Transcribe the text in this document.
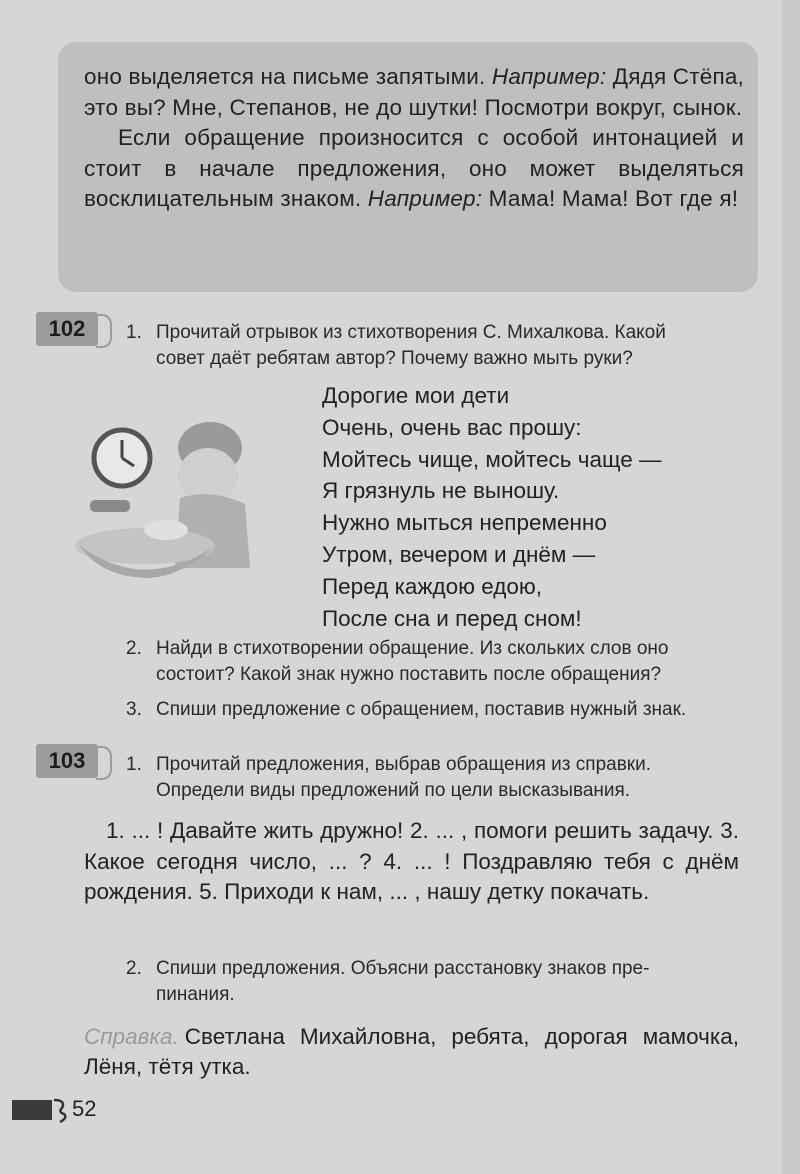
оно выделяется на письме запятыми. Например: Дядя Стёпа, это вы? Мне, Степанов, не до шутки! Посмотри вокруг, сынок.

Если обращение произносится с особой интонацией и стоит в начале предложения, оно может выделяться восклицательным знаком. Например: Мама! Мама! Вот где я!

102	1. Прочитай отрывок из стихотворения С. Михалкова. Какой
совет даёт ребятам автор? Почему важно мыть руки?
Дорогие мои дети
Очень, очень вас прошу:
Мойтесь чище, мойтесь чаще —
Я грязнуль не выношу.
Нужно мыться непременно
Утром, вечером и днём —
Перед каждою едою,
После сна и перед сном!
2. Найди в стихотворении обращение. Из скольких слов оно
состоит? Какой знак нужно поставить после обращения?
3. Спиши предложение с обращением, поставив нужный знак.
103	1. Прочитай предложения, выбрав обращения из справки.
Определи виды предложений по цели высказывания.

1. ... ! Давайте жить дружно! 2. ... , помоги решить задачу. 3. Какое сегодня число, ... ? 4. ... ! Поздравляю тебя с днём рождения. 5. Приходи к нам, ... , нашу детку покачать.

2. Спиши предложения. Объясни расстановку знаков пре-
пинания.

Справка. Светлана Михайловна, ребята, дорогая мамочка, Лёня, тётя утка.

52
